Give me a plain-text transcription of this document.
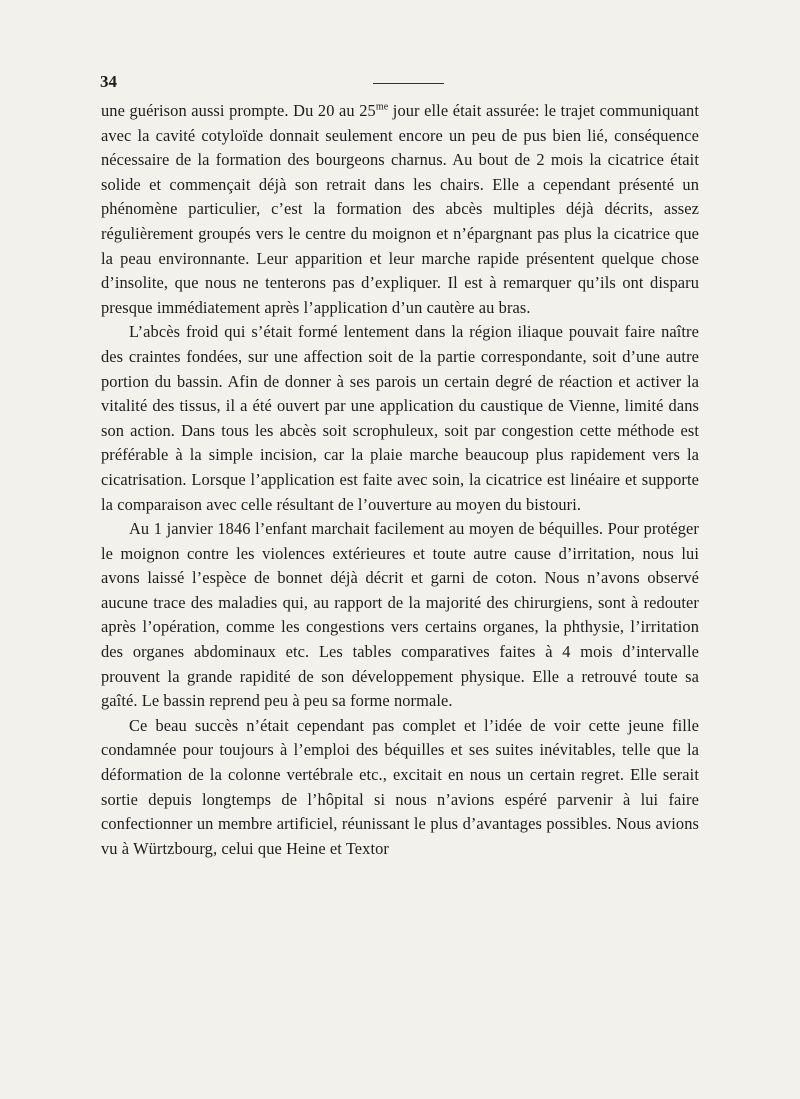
34

une guérison aussi prompte. Du 20 au $25^{me}$ jour elle était assurée: le trajet communiquant avec la cavité cotyloïde donnait seulement encore un peu de pus bien lié, conséquence nécessaire de la formation des bourgeons charnus. Au bout de 2 mois la cicatrice était solide et commençait déjà son retrait dans les chairs. Elle a cependant présenté un phénomène particulier, c’est la formation des abcès multiples déjà décrits, assez régulièrement groupés vers le centre du moignon et n’épargnant pas plus la cicatrice que la peau environnante. Leur apparition et leur marche rapide présentent quelque chose d’insolite, que nous ne tenterons pas d’expliquer. Il est à remarquer qu’ils ont disparu presque immédiatement après l’application d’un cautère au bras.

L’abcès froid qui s’était formé lentement dans la région iliaque pouvait faire naître des craintes fondées, sur une affection soit de la partie correspondante, soit d’une autre portion du bassin. Afin de donner à ses parois un certain degré de réaction et activer la vitalité des tissus, il a été ouvert par une application du caustique de Vienne, limité dans son action. Dans tous les abcès soit scrophuleux, soit par congestion cette méthode est préférable à la simple incision, car la plaie marche beaucoup plus rapidement vers la cicatrisation. Lorsque l’application est faite avec soin, la cicatrice est linéaire et supporte la comparaison avec celle résultant de l’ouverture au moyen du bistouri.

Au 1 janvier 1846 l’enfant marchait facilement au moyen de béquilles. Pour protéger le moignon contre les violences extérieures et toute autre cause d’irritation, nous lui avons laissé l’espèce de bonnet déjà décrit et garni de coton. Nous n’avons observé aucune trace des maladies qui, au rapport de la majorité des chirurgiens, sont à redouter après l’opération, comme les congestions vers certains organes, la phthysie, l’irritation des organes abdominaux etc. Les tables comparatives faites à 4 mois d’intervalle prouvent la grande rapidité de son développement physique. Elle a retrouvé toute sa gaîté. Le bassin reprend peu à peu sa forme normale.

Ce beau succès n’était cependant pas complet et l’idée de voir cette jeune fille condamnée pour toujours à l’emploi des béquilles et ses suites inévitables, telle que la déformation de la colonne vertébrale etc., excitait en nous un certain regret. Elle serait sortie depuis longtemps de l’hôpital si nous n’avions espéré parvenir à lui faire confectionner un membre artificiel, réunissant le plus d’avantages possibles. Nous avions vu à Würtzbourg, celui que Heine et Textor
